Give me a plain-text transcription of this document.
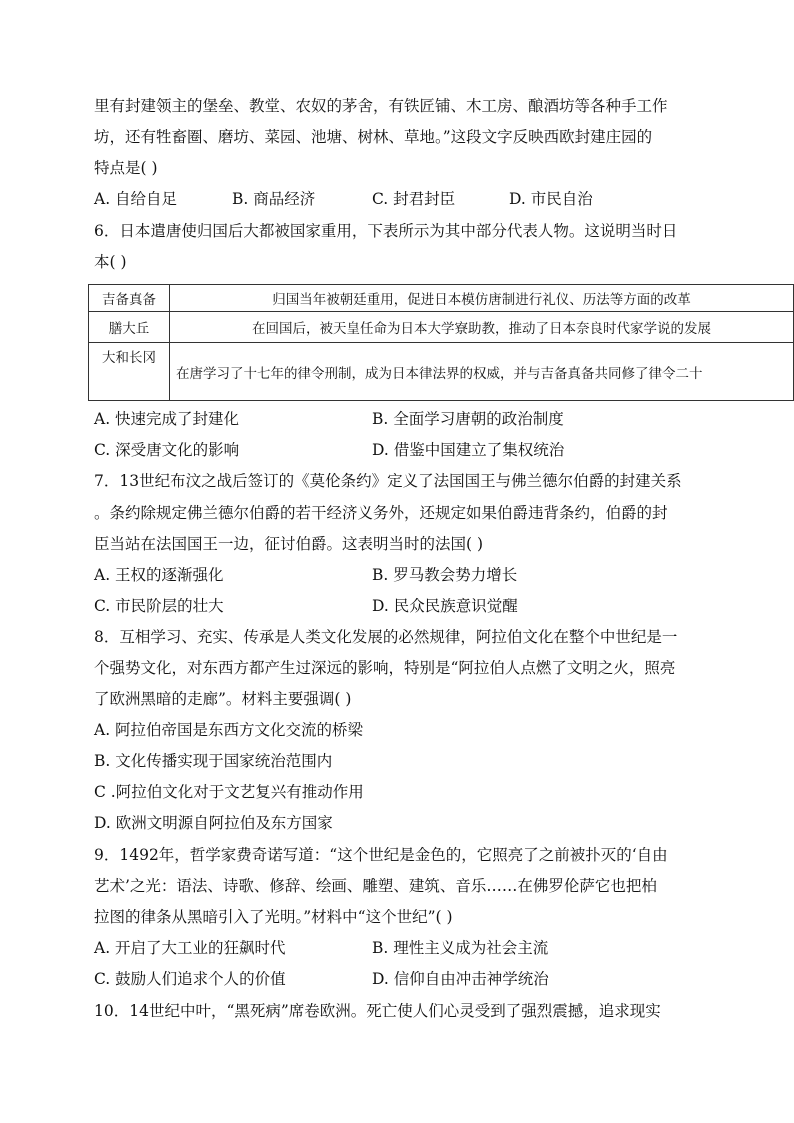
里有封建领主的堡垒、教堂、农奴的茅舍，有铁匠铺、木工房、酿酒坊等各种手工作
坊，还有牲畜圈、磨坊、菜园、池塘、树林、草地。”这段文字反映西欧封建庄园的
特点是( )
A. 自给自足	B. 商品经济	C. 封君封臣	D. 市民自治
6．日本遣唐使归国后大都被国家重用，下表所示为其中部分代表人物。这说明当时日
本( )
吉备真备	归国当年被朝廷重用，促进日本模仿唐制进行礼仪、历法等方面的改革
膳大丘	在回国后，被天皇任命为日本大学寮助教，推动了日本奈良时代家学说的发展
大和长冈	在唐学习了十七年的律令刑制，成为日本律法界的权威，并与吉备真备共同修了律令二十
A. 快速完成了封建化	B. 全面学习唐朝的政治制度
C. 深受唐文化的影响	D. 借鉴中国建立了集权统治
7．13世纪布汶之战后签订的《莫伦条约》定义了法国国王与佛兰德尔伯爵的封建关系
。条约除规定佛兰德尔伯爵的若干经济义务外，还规定如果伯爵违背条约，伯爵的封
臣当站在法国国王一边，征讨伯爵。这表明当时的法国( )
A. 王权的逐渐强化	B. 罗马教会势力增长
C. 市民阶层的壮大	D. 民众民族意识觉醒
8．互相学习、充实、传承是人类文化发展的必然规律，阿拉伯文化在整个中世纪是一
个强势文化，对东西方都产生过深远的影响，特别是“阿拉伯人点燃了文明之火，照亮
了欧洲黑暗的走廊”。材料主要强调( )
A. 阿拉伯帝国是东西方文化交流的桥梁
B. 文化传播实现于国家统治范围内
C .阿拉伯文化对于文艺复兴有推动作用
D. 欧洲文明源自阿拉伯及东方国家
9．1492年，哲学家费奇诺写道：“这个世纪是金色的，它照亮了之前被扑灭的‘自由
艺术’之光：语法、诗歌、修辞、绘画、雕塑、建筑、音乐……在佛罗伦萨它也把柏
拉图的律条从黑暗引入了光明。”材料中“这个世纪”( )
A. 开启了大工业的狂飙时代	B. 理性主义成为社会主流
C. 鼓励人们追求个人的价值	D. 信仰自由冲击神学统治
10．14世纪中叶，“黑死病”席卷欧洲。死亡使人们心灵受到了强烈震撼，追求现实
